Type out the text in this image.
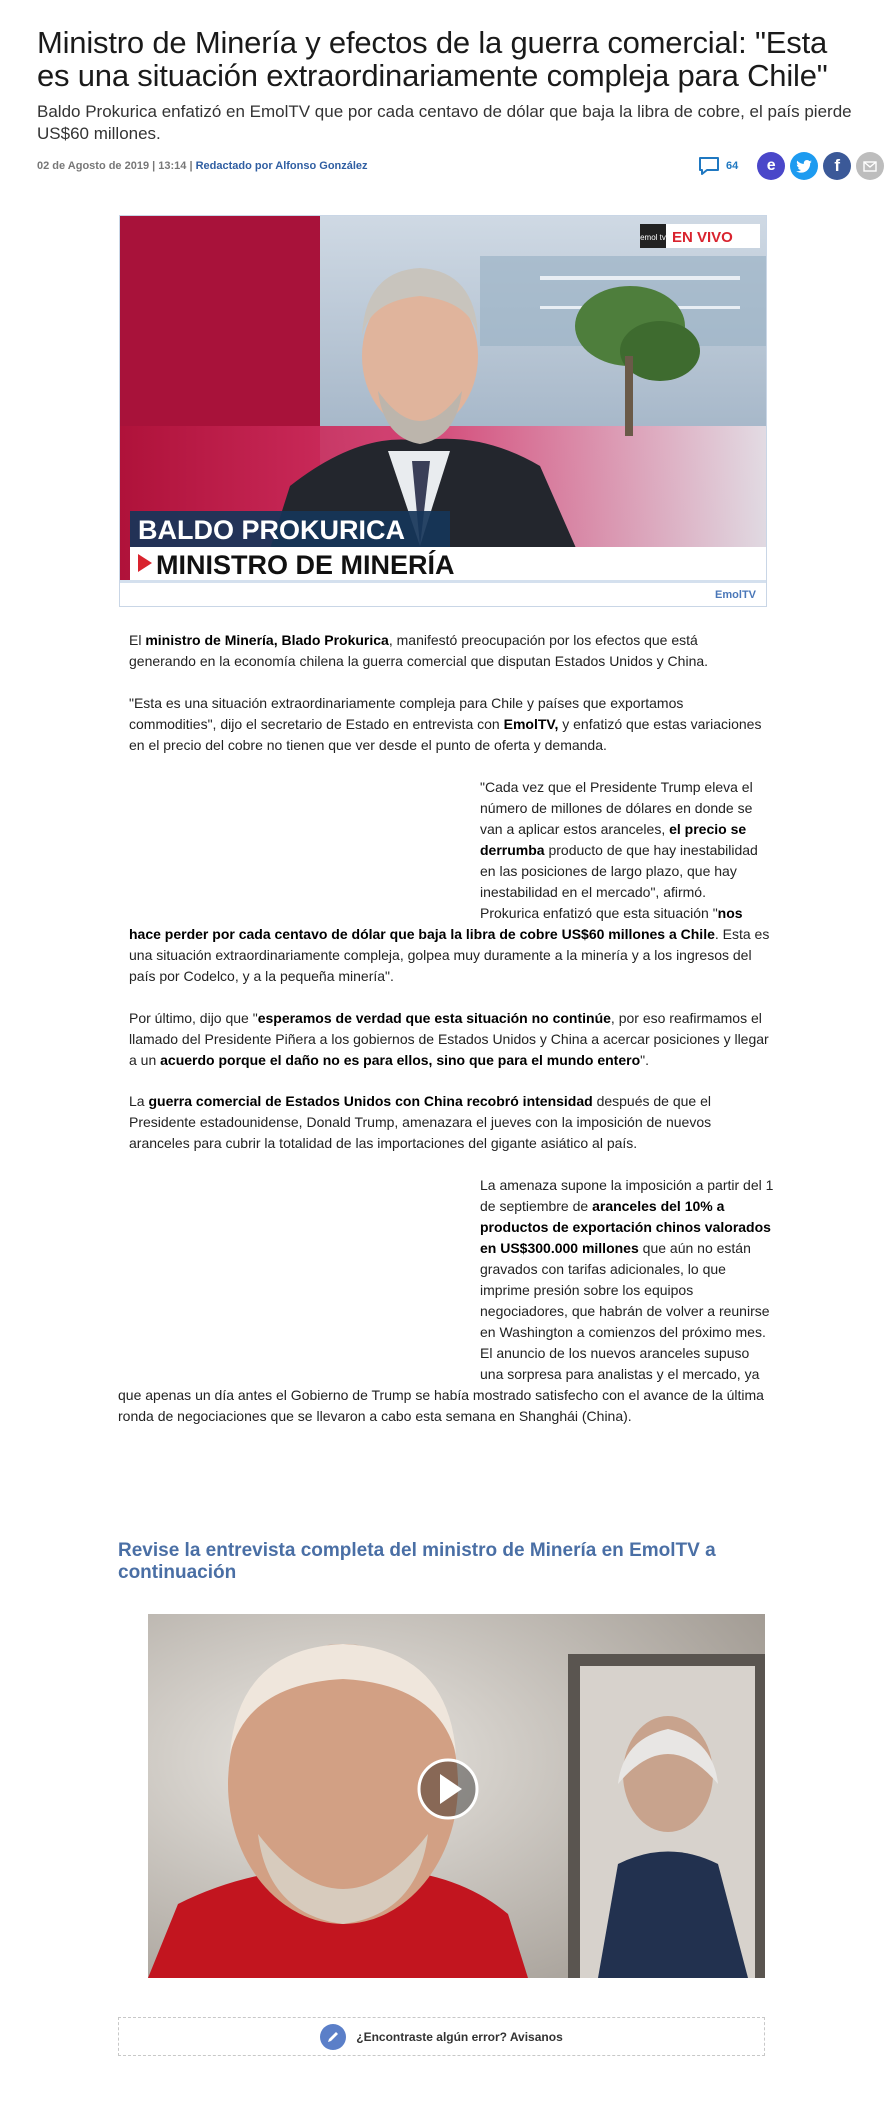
Ministro de Minería y efectos de la guerra comercial: "Esta es una situación extraordinariamente compleja para Chile"
Baldo Prokurica enfatizó en EmolTV que por cada centavo de dólar que baja la libra de cobre, el país pierde US$60 millones.
02 de Agosto de 2019 | 13:14 | Redactado por Alfonso González	64 e	f
emol tv EN VIVO
BALDO PROKURICA
MINISTRO DE MINERÍA
EmolTV

El ministro de Minería, Blado Prokurica, manifestó preocupación por los efectos que está generando en la economía chilena la guerra comercial que disputan Estados Unidos y China.

"Esta es una situación extraordinariamente compleja para Chile y países que exportamos commodities", dijo el secretario de Estado en entrevista con EmolTV, y enfatizó que estas variaciones en el precio del cobre no tienen que ver desde el punto de oferta y demanda.

"Cada vez que el Presidente Trump eleva el número de millones de dólares en donde se van a aplicar estos aranceles, el precio se derrumba producto de que hay inestabilidad en las posiciones de largo plazo, que hay inestabilidad en el mercado", afirmó.

Prokurica enfatizó que esta situación "nos

hace perder por cada centavo de dólar que baja la libra de cobre US$60 millones a Chile. Esta es una situación extraordinariamente compleja, golpea muy duramente a la minería y a los ingresos del país por Codelco, y a la pequeña minería".

Por último, dijo que "esperamos de verdad que esta situación no continúe, por eso reafirmamos el llamado del Presidente Piñera a los gobiernos de Estados Unidos y China a acercar posiciones y llegar a un acuerdo porque el daño no es para ellos, sino que para el mundo entero".

La guerra comercial de Estados Unidos con China recobró intensidad después de que el Presidente estadounidense, Donald Trump, amenazara el jueves con la imposición de nuevos aranceles para cubrir la totalidad de las importaciones del gigante asiático al país.

La amenaza supone la imposición a partir del 1 de septiembre de aranceles del 10% a productos de exportación chinos valorados en US$300.000 millones que aún no están gravados con tarifas adicionales, lo que imprime presión sobre los equipos negociadores, que habrán de volver a reunirse en Washington a comienzos del próximo mes.

El anuncio de los nuevos aranceles supuso una sorpresa para analistas y el mercado, ya

que apenas un día antes el Gobierno de Trump se había mostrado satisfecho con el avance de la última ronda de negociaciones que se llevaron a cabo esta semana en Shanghái (China).

Revise la entrevista completa del ministro de Minería en EmolTV a continuación
¿Encontraste algún error? Avisanos
